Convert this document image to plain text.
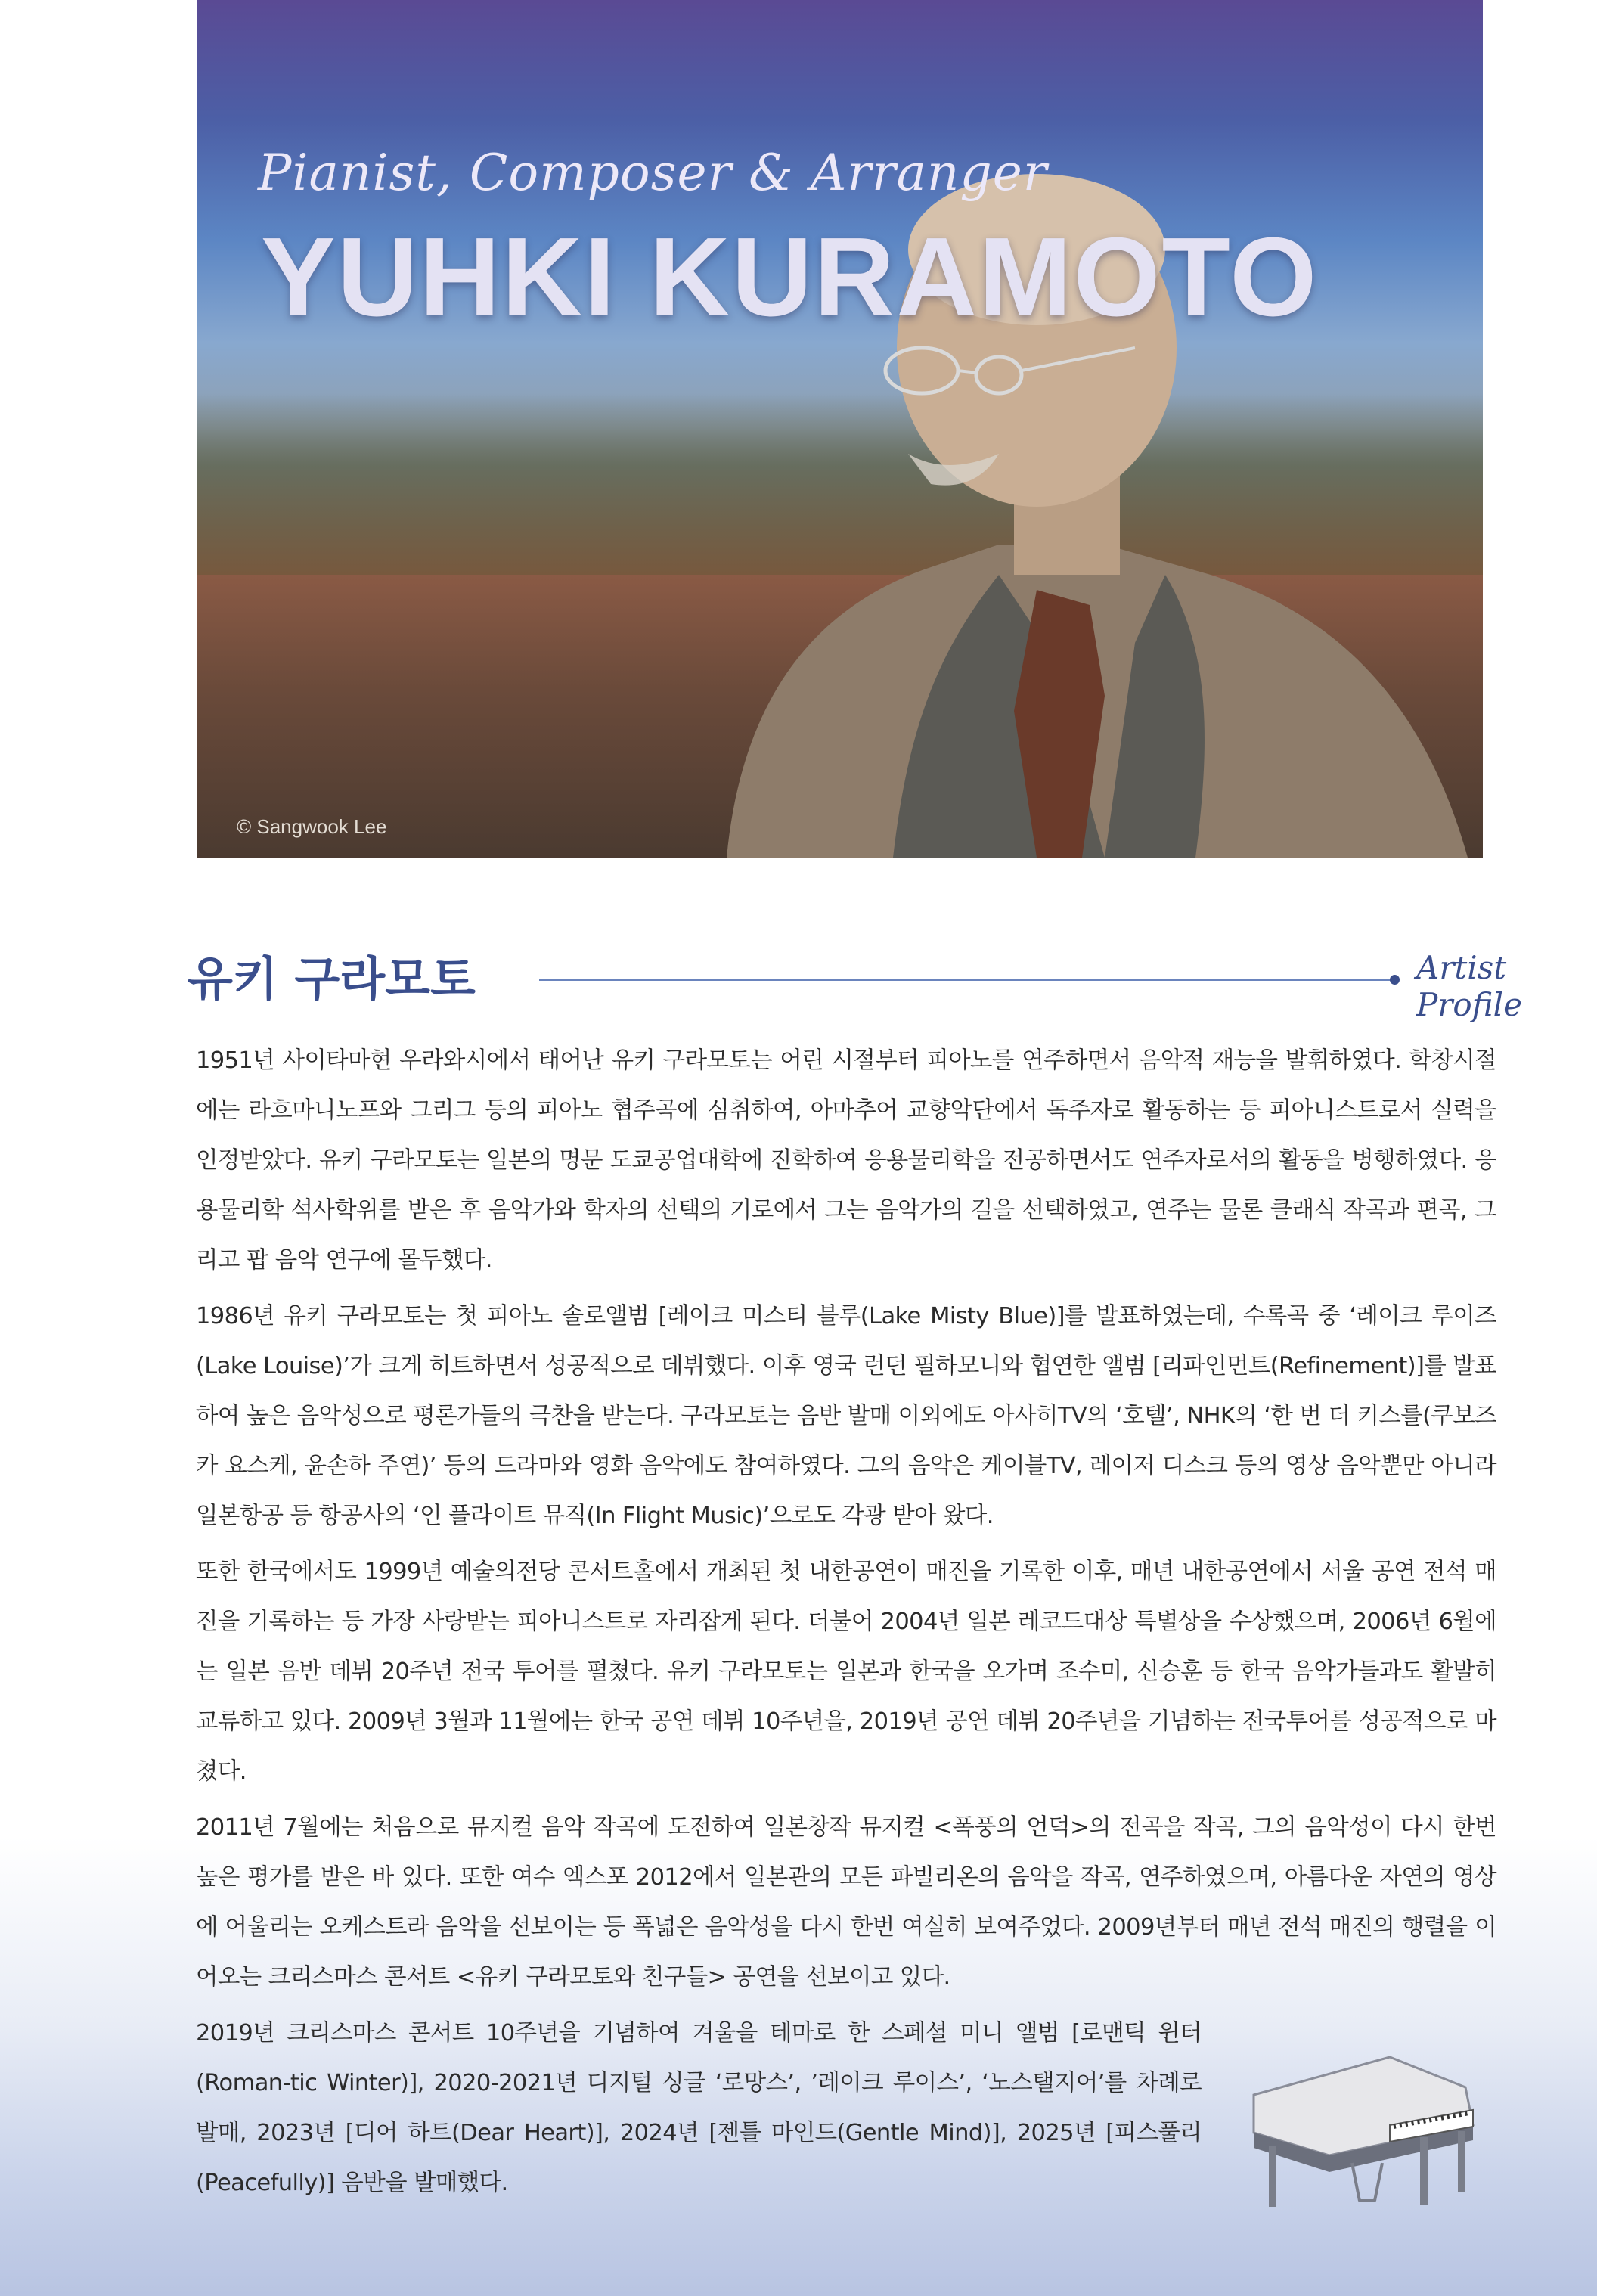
Pianist, Composer & Arranger
YUHKI KURAMOTO
© Sangwook Lee
유키 구라모토	Artist Profile

1951년 사이타마현 우라와시에서 태어난 유키 구라모토는 어린 시절부터 피아노를 연주하면서 음악적 재능을 발휘하였다. 학창시절에는 라흐마니노프와 그리그 등의 피아노 협주곡에 심취하여, 아마추어 교향악단에서 독주자로 활동하는 등 피아니스트로서 실력을 인정받았다. 유키 구라모토는 일본의 명문 도쿄공업대학에 진학하여 응용물리학을 전공하면서도 연주자로서의 활동을 병행하였다. 응용물리학 석사학위를 받은 후 음악가와 학자의 선택의 기로에서 그는 음악가의 길을 선택하였고, 연주는 물론 클래식 작곡과 편곡, 그리고 팝 음악 연구에 몰두했다.

1986년 유키 구라모토는 첫 피아노 솔로앨범 [레이크 미스티 블루(Lake Misty Blue)]를 발표하였는데, 수록곡 중 ‘레이크 루이즈(Lake Louise)’가 크게 히트하면서 성공적으로 데뷔했다. 이후 영국 런던 필하모니와 협연한 앨범 [리파인먼트(Refinement)]를 발표하여 높은 음악성으로 평론가들의 극찬을 받는다. 구라모토는 음반 발매 이외에도 아사히TV의 ‘호텔’, NHK의 ‘한 번 더 키스를(쿠보즈카 요스케, 윤손하 주연)’ 등의 드라마와 영화 음악에도 참여하였다. 그의 음악은 케이블TV, 레이저 디스크 등의 영상 음악뿐만 아니라 일본항공 등 항공사의 ‘인 플라이트 뮤직(In Flight Music)’으로도 각광 받아 왔다.

또한 한국에서도 1999년 예술의전당 콘서트홀에서 개최된 첫 내한공연이 매진을 기록한 이후, 매년 내한공연에서 서울 공연 전석 매진을 기록하는 등 가장 사랑받는 피아니스트로 자리잡게 된다. 더불어 2004년 일본 레코드대상 특별상을 수상했으며, 2006년 6월에는 일본 음반 데뷔 20주년 전국 투어를 펼쳤다. 유키 구라모토는 일본과 한국을 오가며 조수미, 신승훈 등 한국 음악가들과도 활발히 교류하고 있다. 2009년 3월과 11월에는 한국 공연 데뷔 10주년을, 2019년 공연 데뷔 20주년을 기념하는 전국투어를 성공적으로 마쳤다.

2011년 7월에는 처음으로 뮤지컬 음악 작곡에 도전하여 일본창작 뮤지컬 <폭풍의 언덕>의 전곡을 작곡, 그의 음악성이 다시 한번 높은 평가를 받은 바 있다. 또한 여수 엑스포 2012에서 일본관의 모든 파빌리온의 음악을 작곡, 연주하였으며, 아름다운 자연의 영상에 어울리는 오케스트라 음악을 선보이는 등 폭넓은 음악성을 다시 한번 여실히 보여주었다. 2009년부터 매년 전석 매진의 행렬을 이어오는 크리스마스 콘서트 <유키 구라모토와 친구들> 공연을 선보이고 있다.

2019년 크리스마스 콘서트 10주년을 기념하여 겨울을 테마로 한 스페셜 미니 앨범 [로맨틱 윈터(Roman-tic Winter)], 2020-2021년 디지털 싱글 ‘로망스’, ’레이크 루이스’, ‘노스탤지어’를 차례로 발매, 2023년 [디어 하트(Dear Heart)], 2024년 [젠틀 마인드(Gentle Mind)], 2025년 [피스풀리(Peacefully)] 음반을 발매했다.
